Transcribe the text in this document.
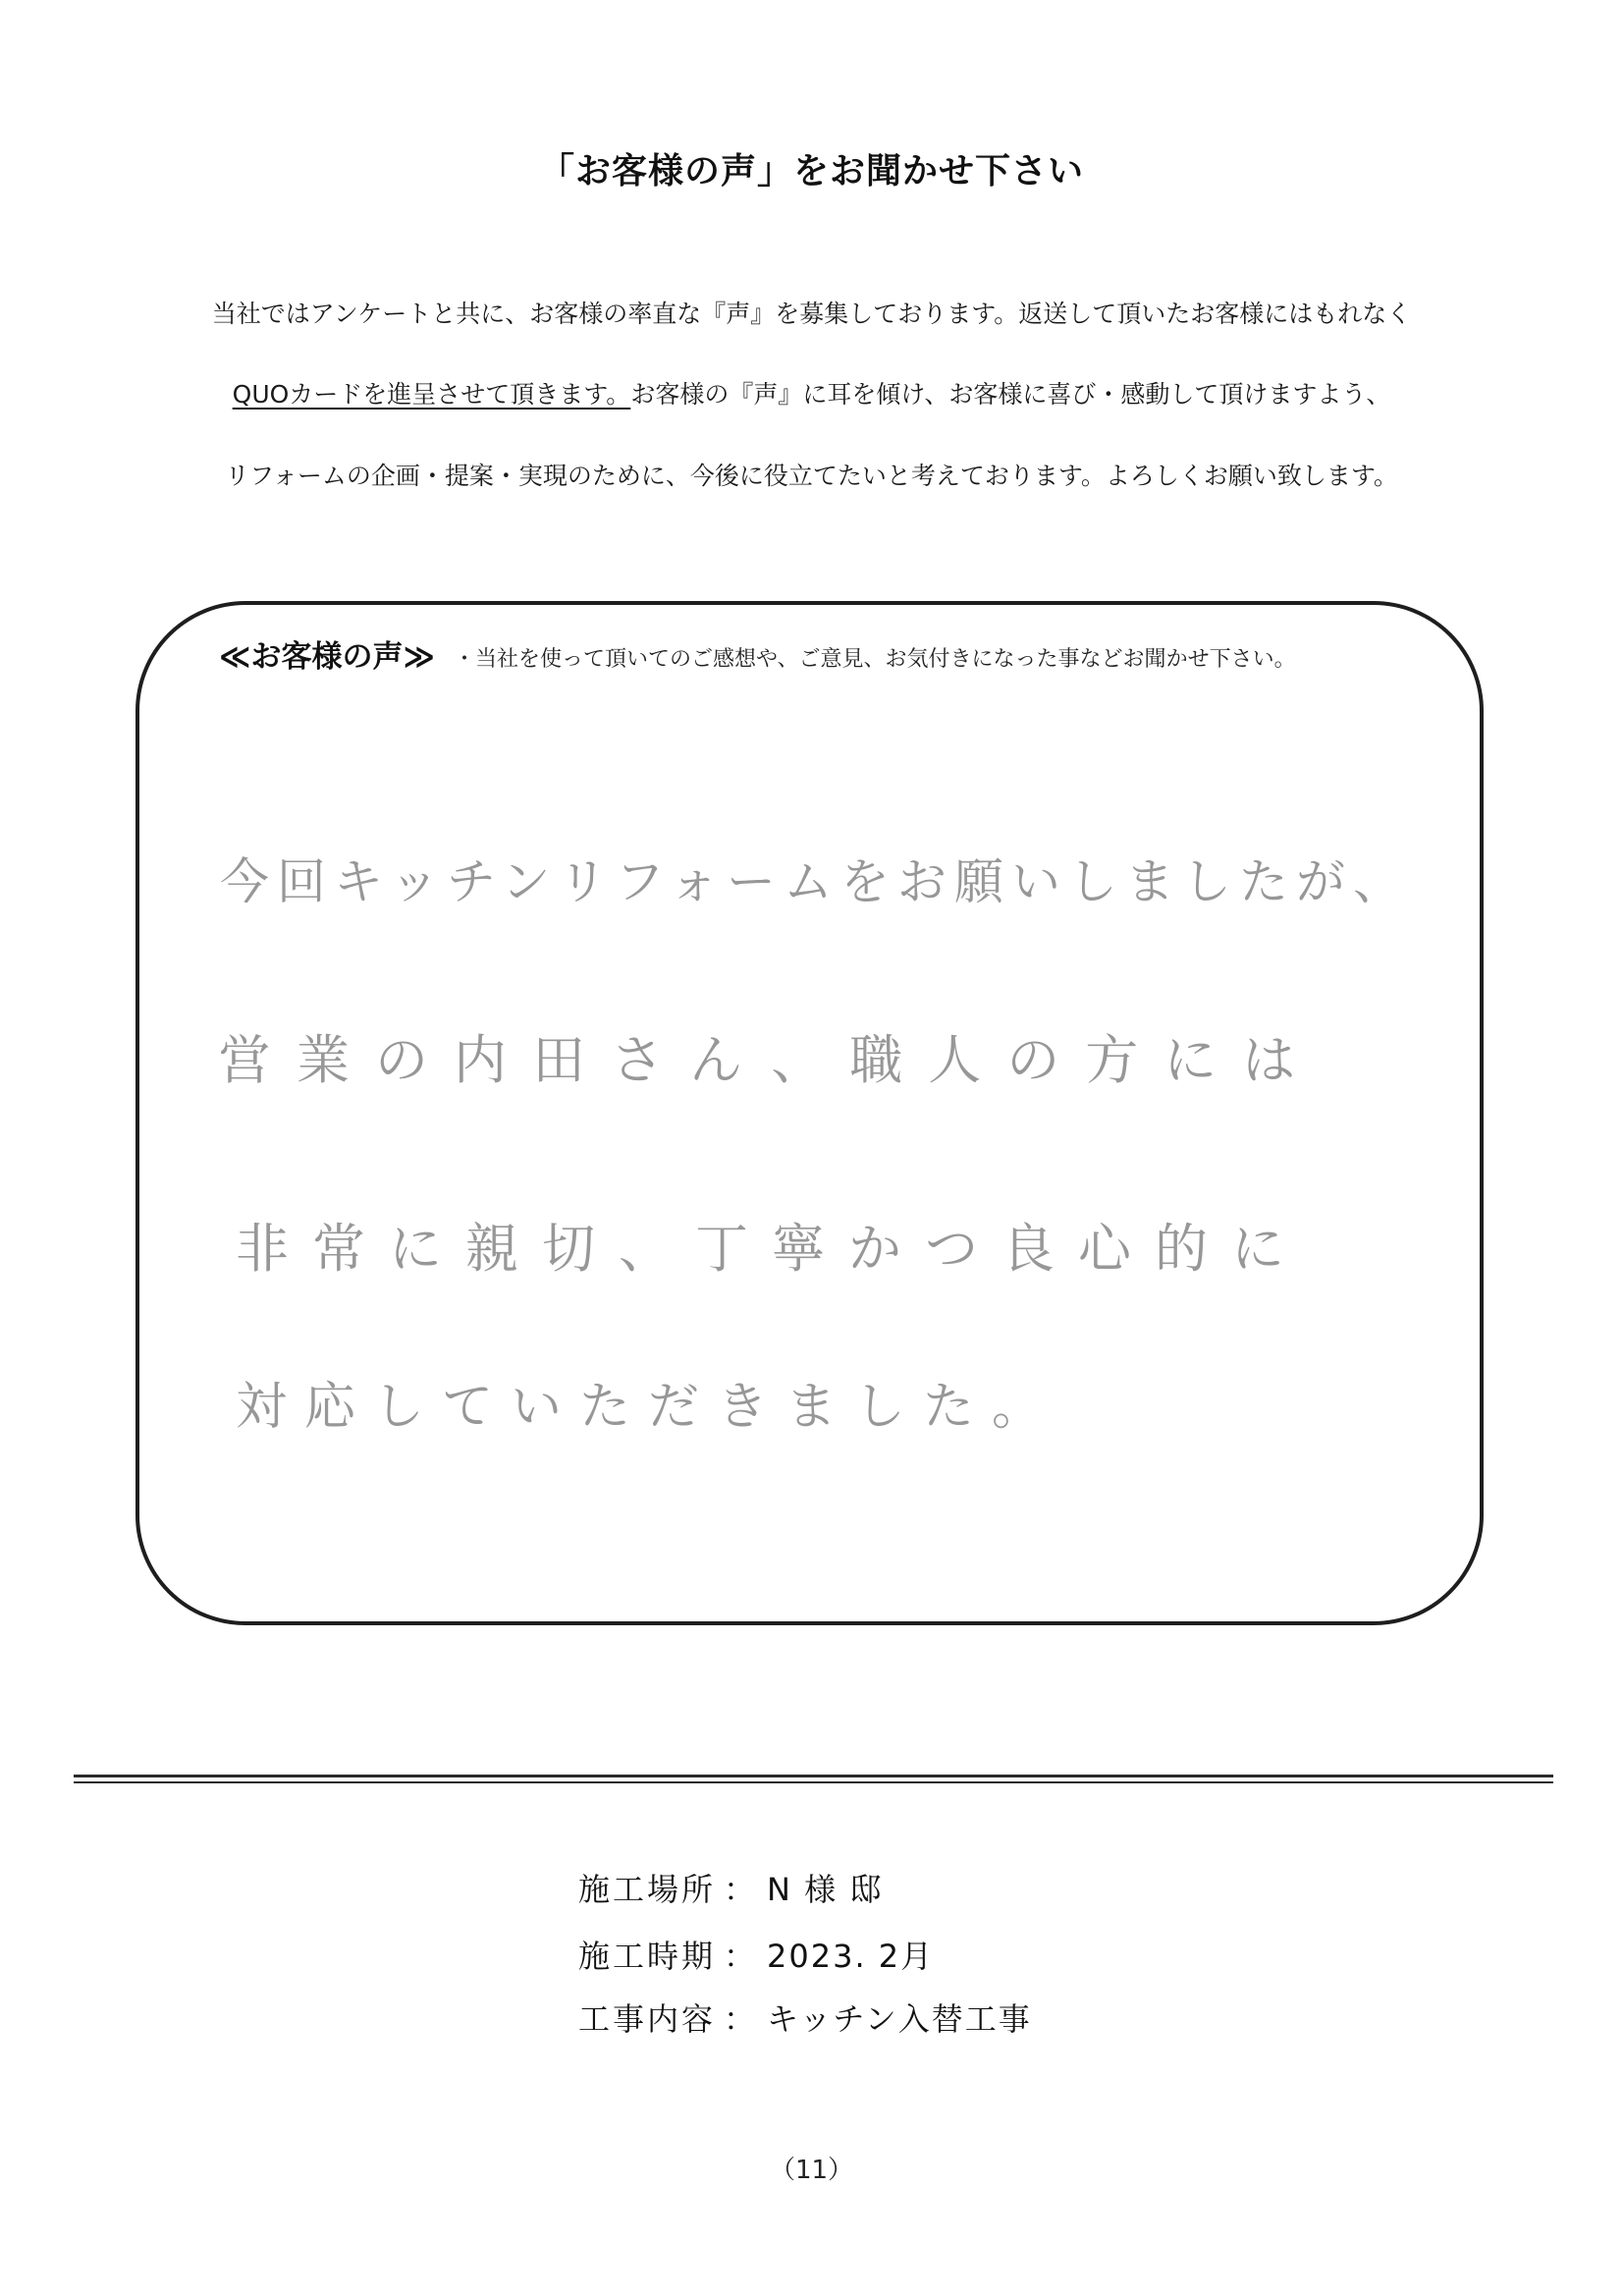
「お客様の声」をお聞かせ下さい
当社ではアンケートと共に、お客様の率直な『声』を募集しております。返送して頂いたお客様にはもれなく
QUOカードを進呈させて頂きます。お客様の『声』に耳を傾け、お客様に喜び・感動して頂けますよう、
リフォームの企画・提案・実現のために、今後に役立てたいと考えております。よろしくお願い致します。
≪お客様の声≫ ・当社を使って頂いてのご感想や、ご意見、お気付きになった事などお聞かせ下さい。
今回キッチンリフォームをお願いしましたが、
営業の内田さん、職人の方には
非常に親切、丁寧かつ良心的に
対応していただきました。
施工場所 ： N 様 邸
施工時期 ： 2023. 2月
工事内容 ： キッチン入替工事
（11）
